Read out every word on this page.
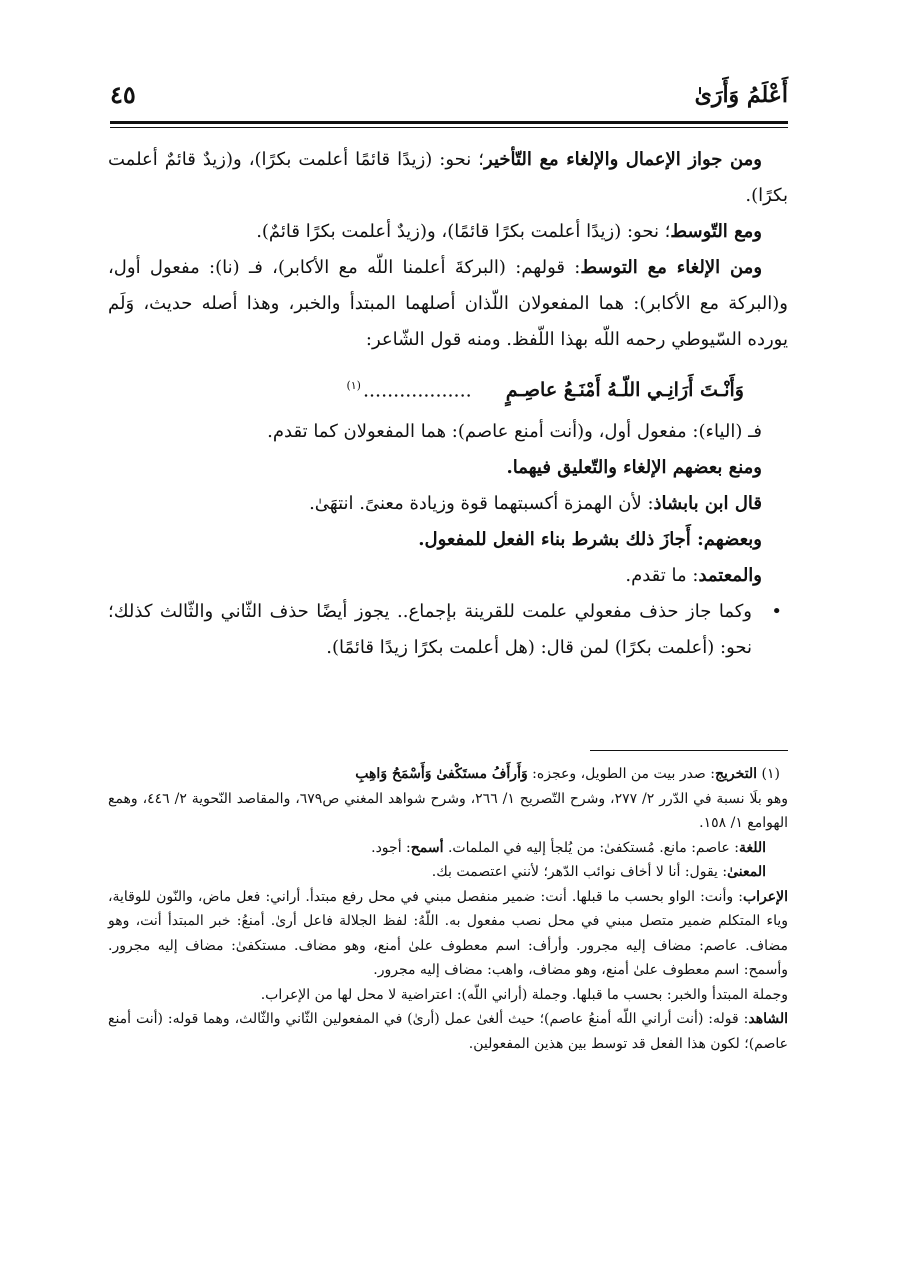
أَعْلَمُ وَأَرَىٰ
٤٥

ومن جواز الإعمال والإلغاء مع التّأخير؛ نحو: (زيدًا قائمًا أعلمت بكرًا)، و(زيدٌ قائمٌ أعلمت بكرًا).

ومع التّوسط؛ نحو: (زيدًا أعلمت بكرًا قائمًا)، و(زيدٌ أعلمت بكرًا قائمٌ).

ومن الإلغاء مع التوسط: قولهم: (البركةَ أعلمنا اللّه مع الأكابر)، فـ (نا): مفعول أول، و(البركة مع الأكابر): هما المفعولان اللّذان أصلهما المبتدأ والخبر، وهذا أصله حديث، وَلَم يورده السّيوطي رحمه اللّه بهذا اللّفظ. ومنه قول الشّاعر:

وَأَنْـتَ أَرَانِـي اللّـهُ أَمْنَـعُ عاصِـمٍ
..................$^{(١)}$

فـ (الياء): مفعول أول، و(أنت أمنع عاصم): هما المفعولان كما تقدم.

ومنع بعضهم الإلغاء والتّعليق فيهما.

قال ابن بابشاذ: لأن الهمزة أكسبتهما قوة وزيادة معنىً. انتهَىٰ.

وبعضهم: أَجازَ ذلك بشرط بناء الفعل للمفعول.

والمعتمد: ما تقدم.

•
وكما جاز حذف مفعولي علمت للقرينة بإجماع.. يجوز أيضًا حذف الثّاني والثّالث كذلك؛ نحو: (أعلمت بكرًا) لمن قال: (هل أعلمت بكرًا زيدًا قائمًا).

(١) التخريج: صدر بيت من الطويل، وعجزه: وَأَرأَفُ مستَكْفىٰ وَأَسْمَحُ وَاهِبِ

وهو بلَا نسبة في الدّرر ٢/ ٢٧٧، وشرح التّصريح ١/ ٢٦٦، وشرح شواهد المغني ص٦٧٩، والمقاصد النّحوية ٢/ ٤٤٦، وهمع الهوامع ١/ ١٥٨.

اللغة: عاصم: مانع. مُستكفىٰ: من يُلجأ إليه في الملمات. أسمح: أجود.

المعنىٰ: يقول: أنا لا أخاف نوائب الدّهر؛ لأنني اعتصمت بك.

الإعراب: وأنت: الواو بحسب ما قبلها. أنت: ضمير منفصل مبني في محل رفع مبتدأ. أراني: فعل ماض، والنّون للوقاية، وياء المتكلم ضمير متصل مبني في محل نصب مفعول به. اللّهُ: لفظ الجلالة فاعل أرىٰ. أمنعُ: خبر المبتدأ أنت، وهو مضاف. عاصم: مضاف إليه مجرور. وأرأف: اسم معطوف علىٰ أمنع، وهو مضاف. مستكفىٰ: مضاف إليه مجرور. وأسمح: اسم معطوف علىٰ أمنع، وهو مضاف، واهب: مضاف إليه مجرور.

وجملة المبتدأ والخبر: بحسب ما قبلها. وجملة (أراني اللّه): اعتراضية لا محل لها من الإعراب.

الشاهد: قوله: (أنت أراني اللّه أمنعُ عاصم)؛ حيث ألغىٰ عمل (أرىٰ) في المفعولين الثّاني والثّالث، وهما قوله: (أنت أمنع عاصم)؛ لكون هذا الفعل قد توسط بين هذين المفعولين.
